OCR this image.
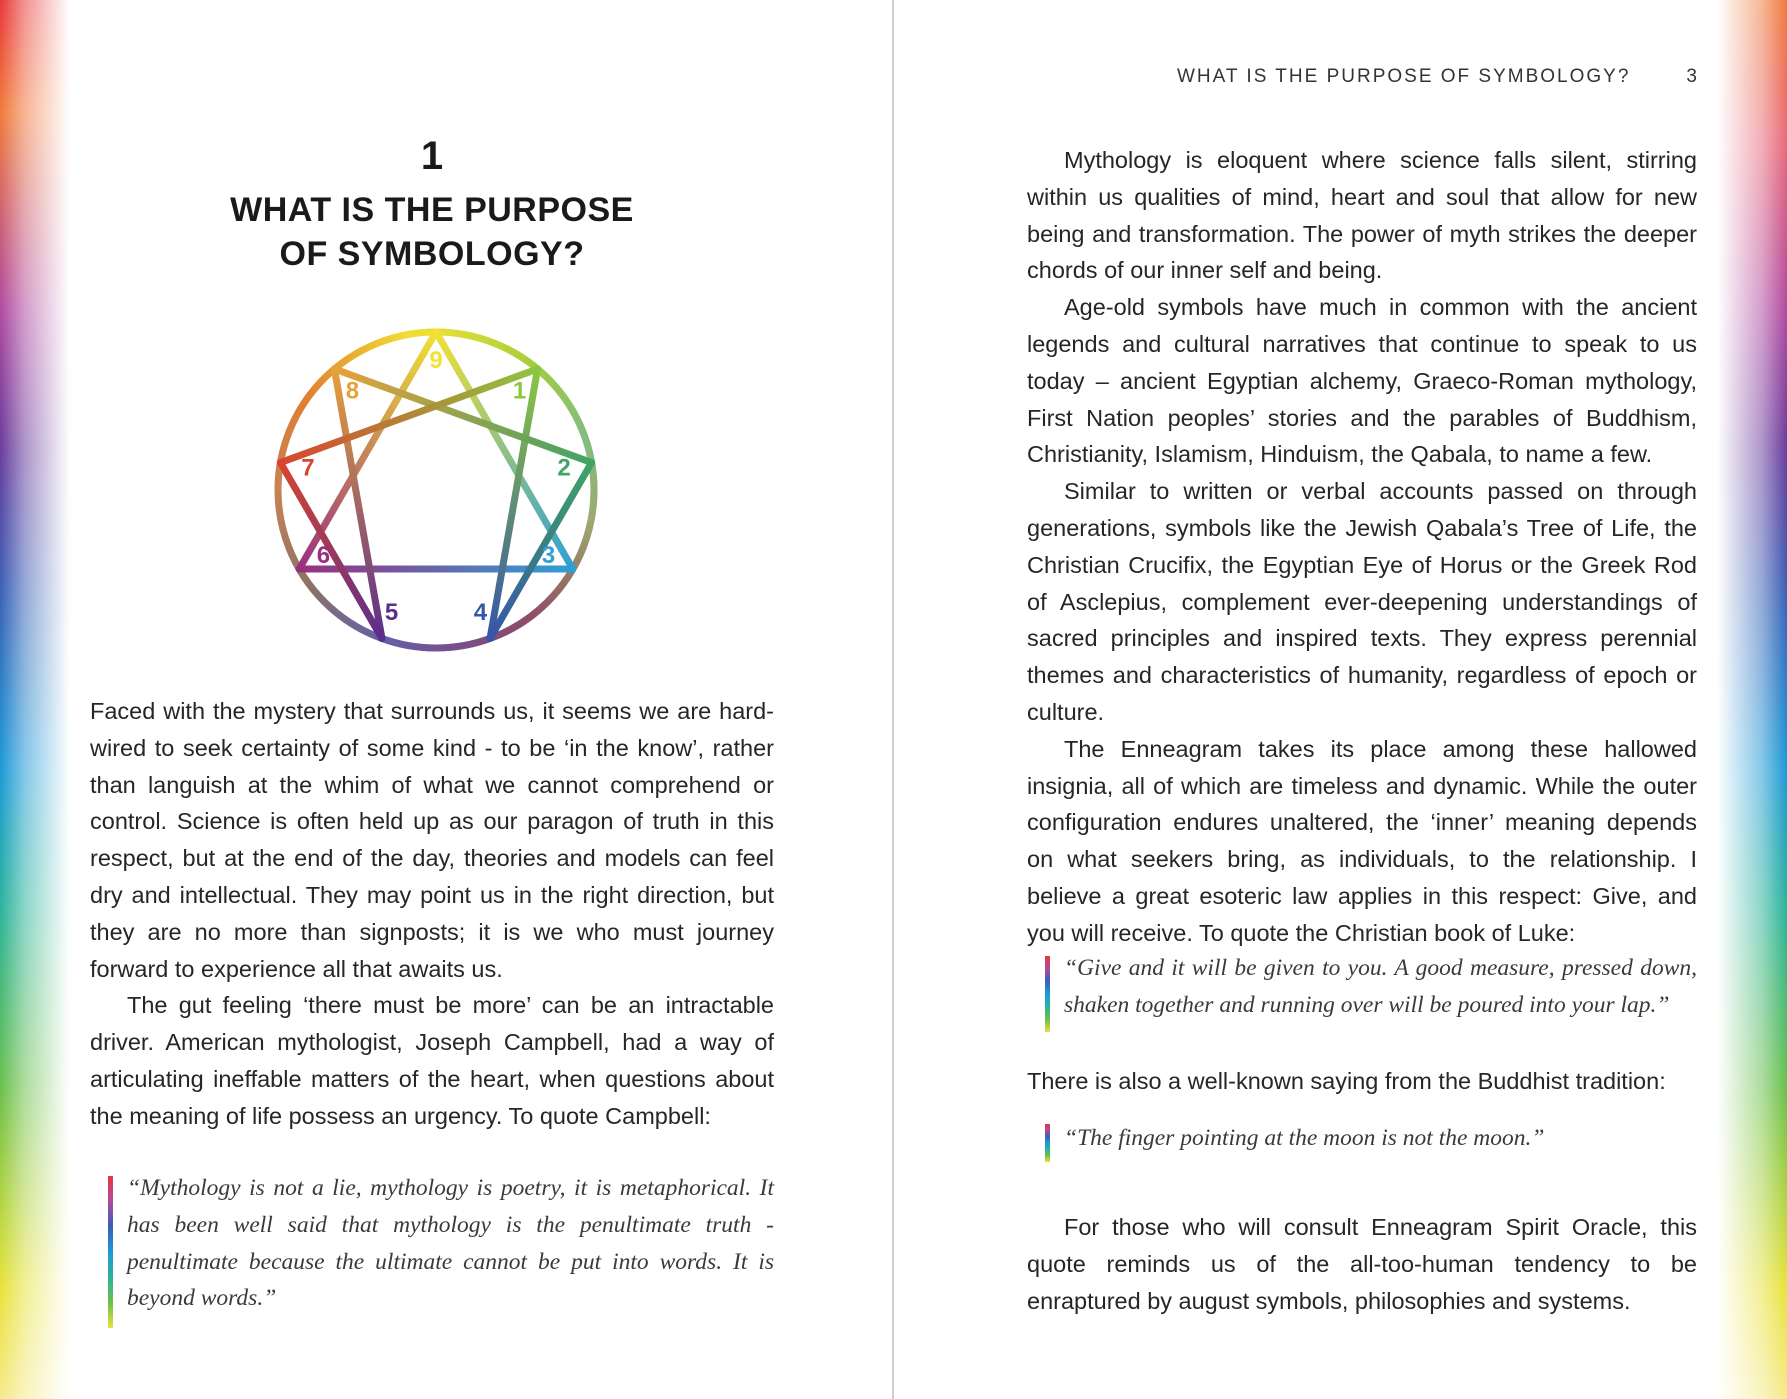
WHAT IS THE PURPOSE OF SYMBOLOGY?	3
1
WHAT IS THE PURPOSE
OF SYMBOLOGY?
1
2
3
4
5
6
7
8
9

Faced with the mystery that surrounds us, it seems we are hard-wired to seek certainty of some kind - to be ‘in the know’, rather than languish at the whim of what we cannot comprehend or control. Science is often held up as our paragon of truth in this respect, but at the end of the day, theories and models can feel dry and intellectual. They may point us in the right direction, but they are no more than signposts; it is we who must journey forward to experience all that awaits us.

The gut feeling ‘there must be more’ can be an intractable driver. American mythologist, Joseph Campbell, had a way of articulating ineffable matters of the heart, when questions about the meaning of life possess an urgency. To quote Campbell:

“Mythology is not a lie, mythology is poetry, it is metaphorical. It has been well said that mythology is the penultimate truth - penultimate because the ultimate cannot be put into words. It is beyond words.”

Mythology is eloquent where science falls silent, stirring within us qualities of mind, heart and soul that allow for new being and transformation. The power of myth strikes the deeper chords of our inner self and being.

Age-old symbols have much in common with the ancient legends and cultural narratives that continue to speak to us today – ancient Egyptian alchemy, Graeco-Roman mythology, First Nation peoples’ stories and the parables of Buddhism, Christianity, Islamism, Hinduism, the Qabala, to name a few.

Similar to written or verbal accounts passed on through generations, symbols like the Jewish Qabala’s Tree of Life, the Christian Crucifix, the Egyptian Eye of Horus or the Greek Rod of Asclepius, complement ever-deepening understandings of sacred principles and inspired texts. They express perennial themes and characteristics of humanity, regardless of epoch or culture.

The Enneagram takes its place among these hallowed insignia, all of which are timeless and dynamic. While the outer configuration endures unaltered, the ‘inner’ meaning depends on what seekers bring, as individuals, to the relationship. I believe a great esoteric law applies in this respect: Give, and you will receive. To quote the Christian book of Luke:

“Give and it will be given to you. A good measure, pressed down, shaken together and running over will be poured into your lap.”

There is also a well-known saying from the Buddhist tradition:

“The finger pointing at the moon is not the moon.”

For those who will consult Enneagram Spirit Oracle, this quote reminds us of the all-too-human tendency to be enraptured by august symbols, philosophies and systems.
